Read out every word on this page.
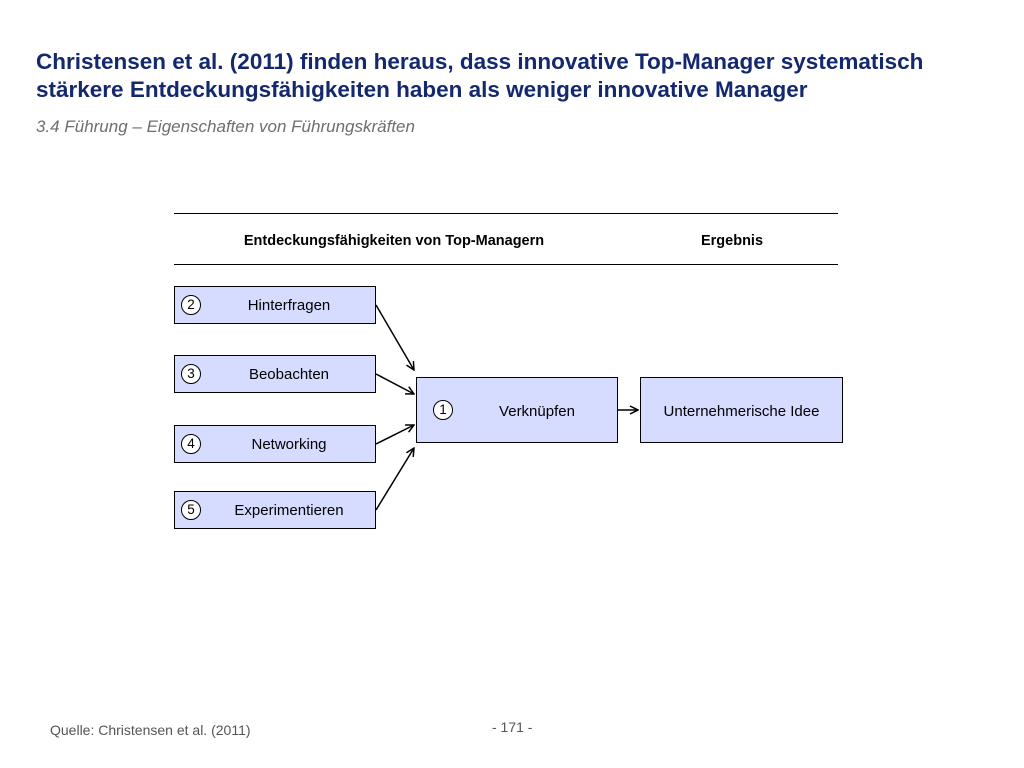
Christensen et al. (2011) finden heraus, dass innovative Top-Manager systematisch
stärkere Entdeckungsfähigkeiten haben als weniger innovative Manager
3.4 Führung – Eigenschaften von Führungskräften
Entdeckungsfähigkeiten von Top-Managern	Ergebnis
2	Hinterfragen
3	Beobachten
4	Networking
5	Experimentieren
1	Verknüpfen	Unternehmerische Idee
Quelle: Christensen et al. (2011)	- 171 -
